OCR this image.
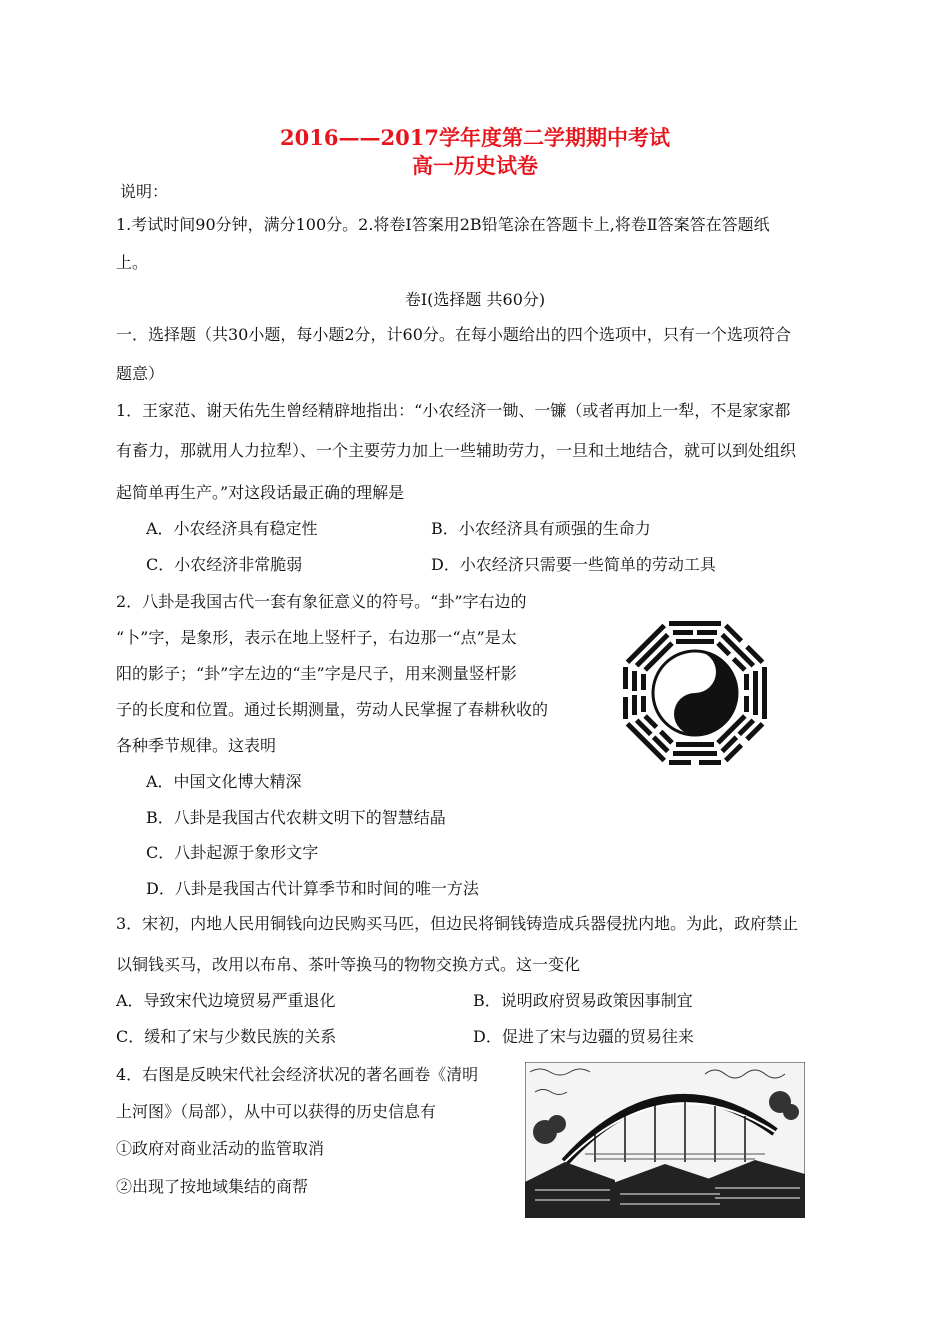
2016——2017学年度第二学期期中考试
高一历史试卷
说明：
1.考试时间90分钟，满分100分。2.将卷Ⅰ答案用2B铅笔涂在答题卡上,将卷Ⅱ答案答在答题纸
上。
卷Ⅰ(选择题 共60分)
一．选择题（共30小题，每小题2分，计60分。在每小题给出的四个选项中，只有一个选项符合
题意）
1．王家范、谢天佑先生曾经精辟地指出：“小农经济一锄、一镰（或者再加上一犁，不是家家都
有畜力，那就用人力拉犁）、一个主要劳力加上一些辅助劳力，一旦和土地结合，就可以到处组织
起简单再生产。”对这段话最正确的理解是
A．小农经济具有稳定性	B．小农经济具有顽强的生命力
C．小农经济非常脆弱	D．小农经济只需要一些简单的劳动工具
2．八卦是我国古代一套有象征意义的符号。“卦”字右边的
“卜”字，是象形，表示在地上竖杆子，右边那一“点”是太
阳的影子；“卦”字左边的“圭”字是尺子，用来测量竖杆影
子的长度和位置。通过长期测量，劳动人民掌握了春耕秋收的
各种季节规律。这表明
A．中国文化博大精深
B．八卦是我国古代农耕文明下的智慧结晶
C．八卦起源于象形文字
D．八卦是我国古代计算季节和时间的唯一方法
3．宋初，内地人民用铜钱向边民购买马匹，但边民将铜钱铸造成兵器侵扰内地。为此，政府禁止
以铜钱买马，改用以布帛、茶叶等换马的物物交换方式。这一变化
A．导致宋代边境贸易严重退化	B．说明政府贸易政策因事制宜
C．缓和了宋与少数民族的关系	D．促进了宋与边疆的贸易往来
4．右图是反映宋代社会经济状况的著名画卷《清明
上河图》（局部），从中可以获得的历史信息有
①政府对商业活动的监管取消
②出现了按地域集结的商帮
